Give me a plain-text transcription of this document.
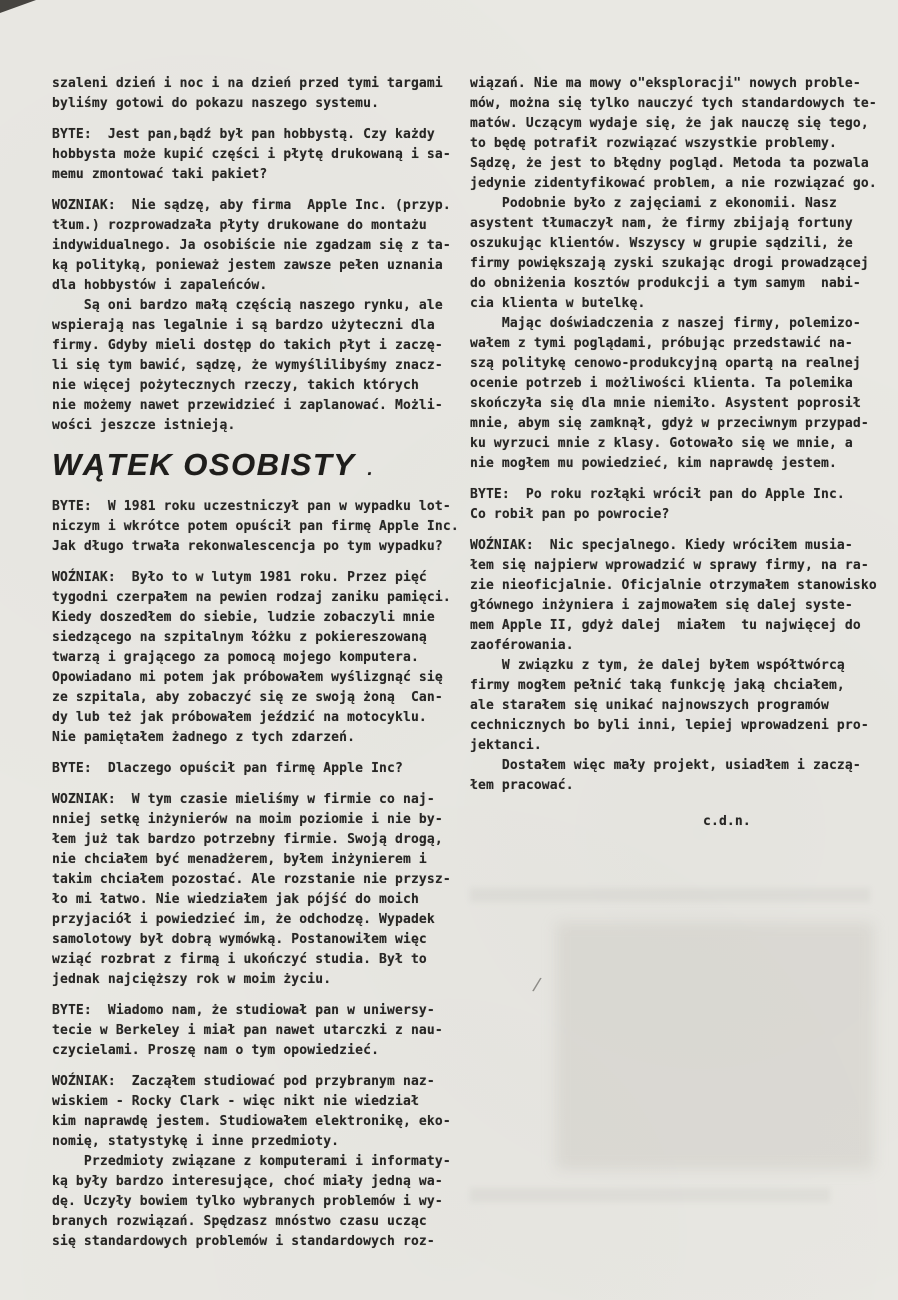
/
szaleni dzień i noc i na dzień przed tymi targami
byliśmy gotowi do pokazu naszego systemu.
BYTE:  Jest pan,bądź był pan hobbystą. Czy każdy
hobbysta może kupić części i płytę drukowaną i sa-
memu zmontować taki pakiet?
WOZNIAK:  Nie sądzę, aby firma  Apple Inc. (przyp.
tłum.) rozprowadzała płyty drukowane do montażu
indywidualnego. Ja osobiście nie zgadzam się z ta-
ką polityką, ponieważ jestem zawsze pełen uznania
dla hobbystów i zapaleńców.
Są oni bardzo małą częścią naszego rynku, ale
wspierają nas legalnie i są bardzo użyteczni dla
firmy. Gdyby mieli dostęp do takich płyt i zaczę-
li się tym bawić, sądzę, że wymyślilibyśmy znacz-
nie więcej pożytecznych rzeczy, takich których
nie możemy nawet przewidzieć i zaplanować. Możli-
wości jeszcze istnieją.
WĄTEK OSOBISTY .
BYTE:  W 1981 roku uczestniczył pan w wypadku lot-
niczym i wkrótce potem opuścił pan firmę Apple Inc.
Jak długo trwała rekonwalescencja po tym wypadku?
WOŹNIAK:  Było to w lutym 1981 roku. Przez pięć
tygodni czerpałem na pewien rodzaj zaniku pamięci.
Kiedy doszedłem do siebie, ludzie zobaczyli mnie
siedzącego na szpitalnym łóżku z pokiereszowaną
twarzą i grającego za pomocą mojego komputera.
Opowiadano mi potem jak próbowałem wyślizgnąć się
ze szpitala, aby zobaczyć się ze swoją żoną  Can-
dy lub też jak próbowałem jeździć na motocyklu.
Nie pamiętałem żadnego z tych zdarzeń.
BYTE:  Dlaczego opuścił pan firmę Apple Inc?
WOZNIAK:  W tym czasie mieliśmy w firmie co naj-
nniej setkę inżynierów na moim poziomie i nie by-
łem już tak bardzo potrzebny firmie. Swoją drogą,
nie chciałem być menadżerem, byłem inżynierem i
takim chciałem pozostać. Ale rozstanie nie przysz-
ło mi łatwo. Nie wiedziałem jak pójść do moich
przyjaciół i powiedzieć im, że odchodzę. Wypadek
samolotowy był dobrą wymówką. Postanowiłem więc
wziąć rozbrat z firmą i ukończyć studia. Był to
jednak najcięższy rok w moim życiu.
BYTE:  Wiadomo nam, że studiował pan w uniwersy-
tecie w Berkeley i miał pan nawet utarczki z nau-
czycielami. Proszę nam o tym opowiedzieć.
WOŹNIAK:  Zacząłem studiować pod przybranym naz-
wiskiem - Rocky Clark - więc nikt nie wiedział
kim naprawdę jestem. Studiowałem elektronikę, eko-
nomię, statystykę i inne przedmioty.
Przedmioty związane z komputerami i informaty-
ką były bardzo interesujące, choć miały jedną wa-
dę. Uczyły bowiem tylko wybranych problemów i wy-
branych rozwiązań. Spędzasz mnóstwo czasu ucząc
się standardowych problemów i standardowych roz-
wiązań. Nie ma mowy o"eksploracji" nowych proble-
mów, można się tylko nauczyć tych standardowych te-
matów. Uczącym wydaje się, że jak nauczę się tego,
to będę potrafił rozwiązać wszystkie problemy.
Sądzę, że jest to błędny pogląd. Metoda ta pozwala
jedynie zidentyfikować problem, a nie rozwiązać go.
Podobnie było z zajęciami z ekonomii. Nasz
asystent tłumaczył nam, że firmy zbijają fortuny
oszukując klientów. Wszyscy w grupie sądzili, że
firmy powiększają zyski szukając drogi prowadzącej
do obniżenia kosztów produkcji a tym samym  nabi-
cia klienta w butelkę.
Mając doświadczenia z naszej firmy, polemizo-
wałem z tymi poglądami, próbując przedstawić na-
szą politykę cenowo-produkcyjną opartą na realnej
ocenie potrzeb i możliwości klienta. Ta polemika
skończyła się dla mnie niemiło. Asystent poprosił
mnie, abym się zamknął, gdyż w przeciwnym przypad-
ku wyrzuci mnie z klasy. Gotowało się we mnie, a
nie mogłem mu powiedzieć, kim naprawdę jestem.
BYTE:  Po roku rozłąki wrócił pan do Apple Inc.
Co robił pan po powrocie?
WOŹNIAK:  Nic specjalnego. Kiedy wróciłem musia-
łem się najpierw wprowadzić w sprawy firmy, na ra-
zie nieoficjalnie. Oficjalnie otrzymałem stanowisko
głównego inżyniera i zajmowałem się dalej syste-
mem Apple II, gdyż dalej  miałem  tu najwięcej do
zaoférowania.
W związku z tym, że dalej byłem współtwórcą
firmy mogłem pełnić taką funkcję jaką chciałem,
ale starałem się unikać najnowszych programów
cechnicznych bo byli inni, lepiej wprowadzeni pro-
jektanci.
Dostałem więc mały projekt, usiadłem i zaczą-
łem pracować.
c.d.n.
